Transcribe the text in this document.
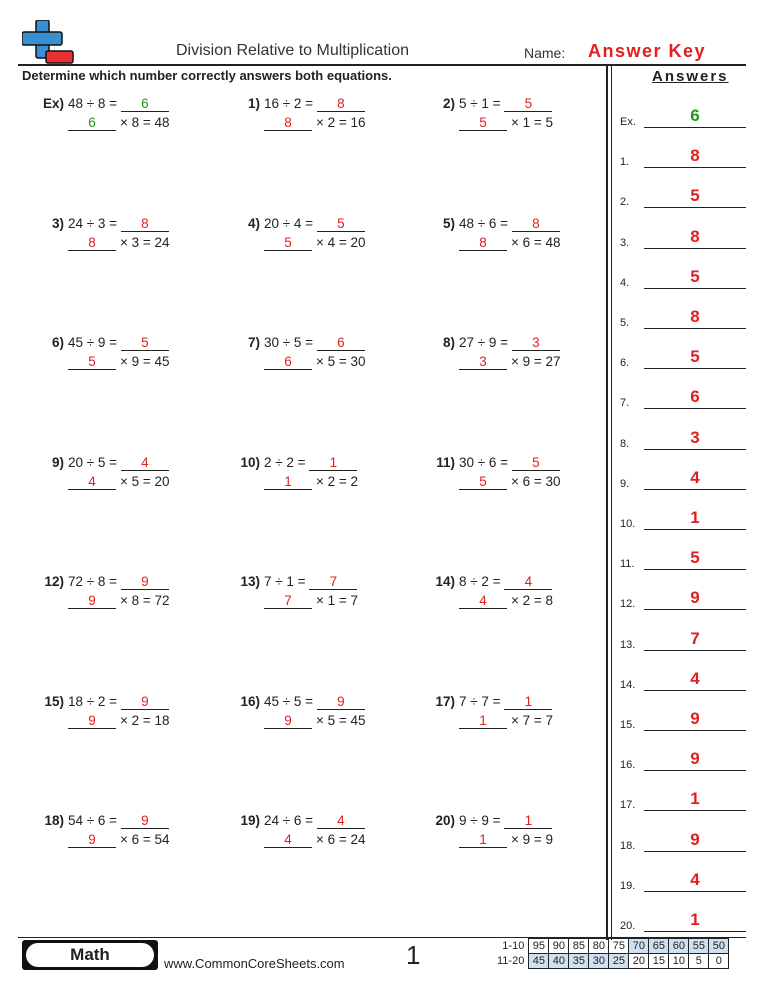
Division Relative to Multiplication	Name: Answer Key
Determine which number correctly answers both equations.	Answers
Ex) 48 ÷ 8 = 6
6 × 8 = 48
1) 16 ÷ 2 = 8
8 × 2 = 16
2) 5 ÷ 1 = 5
5 × 1 = 5
3) 24 ÷ 3 = 8
8 × 3 = 24
4) 20 ÷ 4 = 5
5 × 4 = 20
5) 48 ÷ 6 = 8
8 × 6 = 48
6) 45 ÷ 9 = 5
5 × 9 = 45
7) 30 ÷ 5 = 6
6 × 5 = 30
8) 27 ÷ 9 = 3
3 × 9 = 27
9) 20 ÷ 5 = 4
4 × 5 = 20
10) 2 ÷ 2 = 1
1 × 2 = 2
11) 30 ÷ 6 = 5
5 × 6 = 30
12) 72 ÷ 8 = 9
9 × 8 = 72
13) 7 ÷ 1 = 7
7 × 1 = 7
14) 8 ÷ 2 = 4
4 × 2 = 8
15) 18 ÷ 2 = 9
9 × 2 = 18
16) 45 ÷ 5 = 9
9 × 5 = 45
17) 7 ÷ 7 = 1
1 × 7 = 7
18) 54 ÷ 6 = 9
9 × 6 = 54
19) 24 ÷ 6 = 4
4 × 6 = 24
20) 9 ÷ 9 = 1
1 × 9 = 9
Ex.	6
1.	8
2.	5
3.	8
4.	5
5.	8
6.	5
7.	6
8.	3
9.	4
10.	1
11.	5
12.	9
13.	7
14.	4
15.	9
16.	9
17.	1
18.	9
19.	4
20.	1
Math	www.CommonCoreSheets.com 1	1-10	95	90	85	80	75	70	65	60	55	50
11-20	45	40	35	30	25	20	15	10	5	0
